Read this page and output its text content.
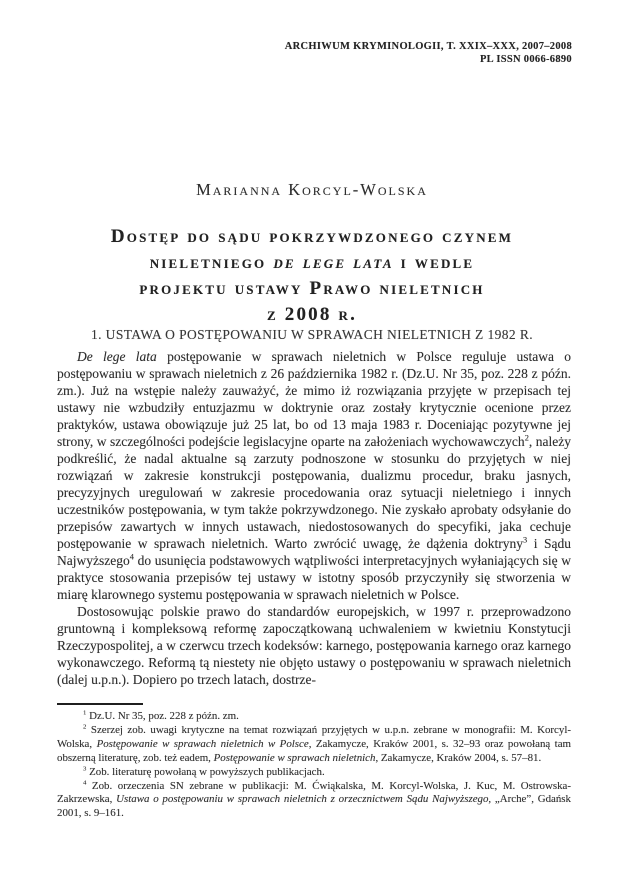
ARCHIWUM KRYMINOLOGII, T. XXIX–XXX, 2007–2008
PL ISSN 0066-6890
Marianna Korcyl-Wolska
Dostęp do sądu pokrzywdzonego czynem
nieletniego de lege lata i wedle
projektu ustawy Prawo nieletnich
z 2008 r.
1. USTAWA O POSTĘPOWANIU W SPRAWACH NIELETNICH Z 1982 R.

De lege lata postępowanie w sprawach nieletnich w Polsce reguluje ustawa o postępowaniu w sprawach nieletnich z 26 października 1982 r. (Dz.U. Nr 35, poz. 228 z późn. zm.). Już na wstępie należy zauważyć, że mimo iż rozwiązania przyjęte w przepisach tej ustawy nie wzbudziły entuzjazmu w doktrynie oraz zostały krytycznie ocenione przez praktyków, ustawa obowiązuje już 25 lat, bo od 13 maja 1983 r. Doceniając pozytywne jej strony, w szczególności podejście legislacyjne oparte na założeniach wychowawczych$^2$, należy podkreślić, że nadal aktualne są zarzuty podnoszone w stosunku do przyjętych w niej rozwiązań w zakresie konstrukcji postępowania, dualizmu procedur, braku jasnych, precyzyjnych uregulowań w zakresie procedowania oraz sytuacji nieletniego i innych uczestników postępowania, w tym także pokrzywdzonego. Nie zyskało aprobaty odsyłanie do przepisów zawartych w innych ustawach, niedostosowanych do specyfiki, jaka cechuje postępowanie w sprawach nieletnich. Warto zwrócić uwagę, że dążenia doktryny$^3$ i Sądu Najwyższego$^4$ do usunięcia podstawowych wątpliwości interpretacyjnych wyłaniających się w praktyce stosowania przepisów tej ustawy w istotny sposób przyczyniły się stworzenia w miarę klarownego systemu postępowania w sprawach nieletnich w Polsce.

Dostosowując polskie prawo do standardów europejskich, w 1997 r. przeprowadzono gruntowną i kompleksową reformę zapoczątkowaną uchwaleniem w kwietniu Konstytucji Rzeczypospolitej, a w czerwcu trzech kodeksów: karnego, postępowania karnego oraz karnego wykonawczego. Reformą tą niestety nie objęto ustawy o postępowaniu w sprawach nieletnich (dalej u.p.n.). Dopiero po trzech latach, dostrze-

$^1$ Dz.U. Nr 35, poz. 228 z późn. zm.

$^2$ Szerzej zob. uwagi krytyczne na temat rozwiązań przyjętych w u.p.n. zebrane w monografii: M. Korcyl-Wolska, Postępowanie w sprawach nieletnich w Polsce, Zakamycze, Kraków 2001, s. 32–93 oraz powołaną tam obszerną literaturę, zob. też eadem, Postępowanie w sprawach nieletnich, Zakamycze, Kraków 2004, s. 57–81.

$^3$ Zob. literaturę powołaną w powyższych publikacjach.

$^4$ Zob. orzeczenia SN zebrane w publikacji: M. Ćwiąkalska, M. Korcyl-Wolska, J. Kuc, M. Ostrowska-Zakrzewska, Ustawa o postępowaniu w sprawach nieletnich z orzecznictwem Sądu Najwyższego, „Arche”, Gdańsk 2001, s. 9–161.
